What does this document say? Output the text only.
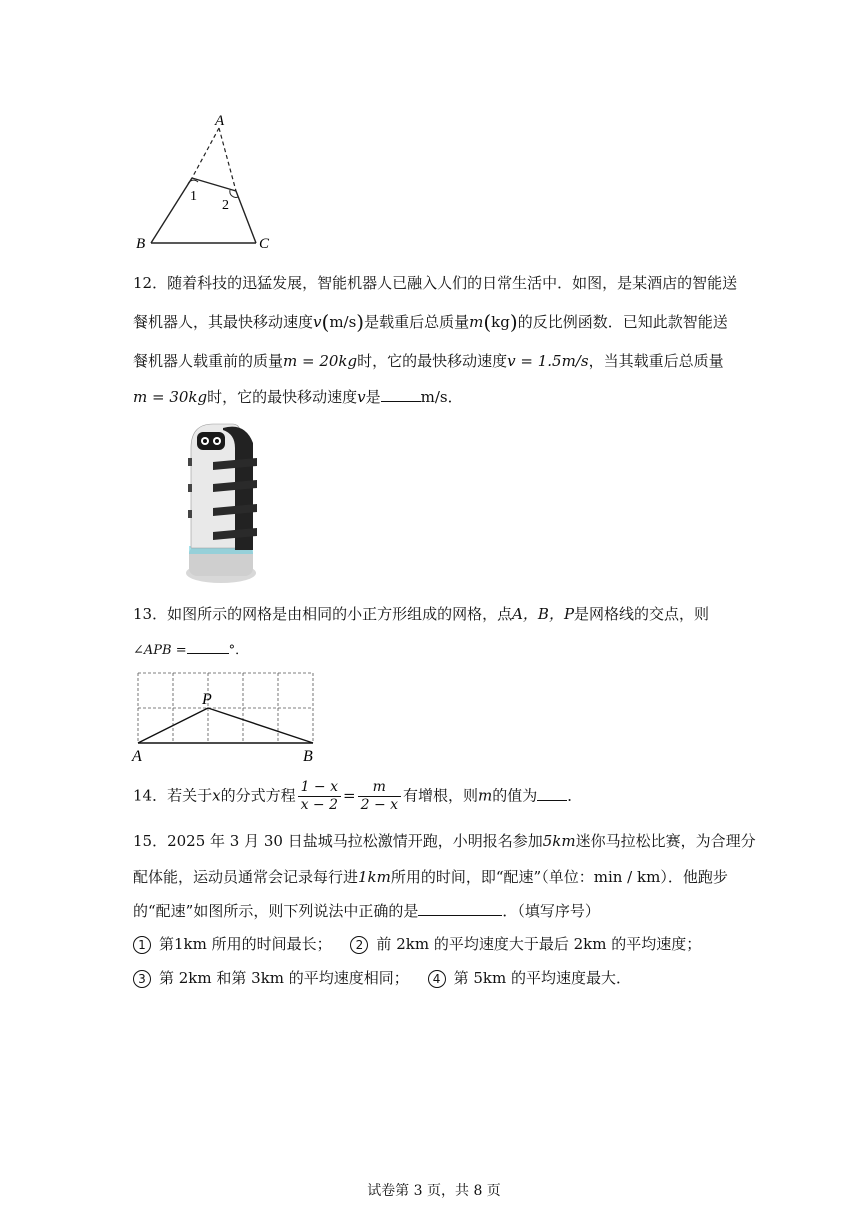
A
B	C
1
2
12．随着科技的迅猛发展，智能机器人已融入人们的日常生活中．如图，是某酒店的智能送
餐机器人，其最快移动速度v(m/s)是载重后总质量m(kg)的反比例函数．已知此款智能送
餐机器人载重前的质量m = 20kg时，它的最快移动速度v = 1.5m/s，当其载重后总质量
m = 30kg时，它的最快移动速度v是	m/s．
13．如图所示的网格是由相同的小正方形组成的网格，点A，B，P是网格线的交点，则
∠APB =	°．
P
A	B
14．若关于x的分式方程 $\frac{1 - x}{x - 2} = \frac{m}{2 - x}$ 有增根，则m的值为 ．
15．2025 年 3 月 30 日盐城马拉松激情开跑，小明报名参加5km迷你马拉松比赛，为合理分
配体能，运动员通常会记录每行进1km所用的时间，即“配速”（单位：min / km）．他跑步
的“配速”如图所示，则下列说法中正确的是	．（填写序号）
1 第1km 所用的时间最长； 2 前 2km 的平均速度大于最后 2km 的平均速度；
3 第 2km 和第 3km 的平均速度相同； 4 第 5km 的平均速度最大．
试卷第 3 页，共 8 页
